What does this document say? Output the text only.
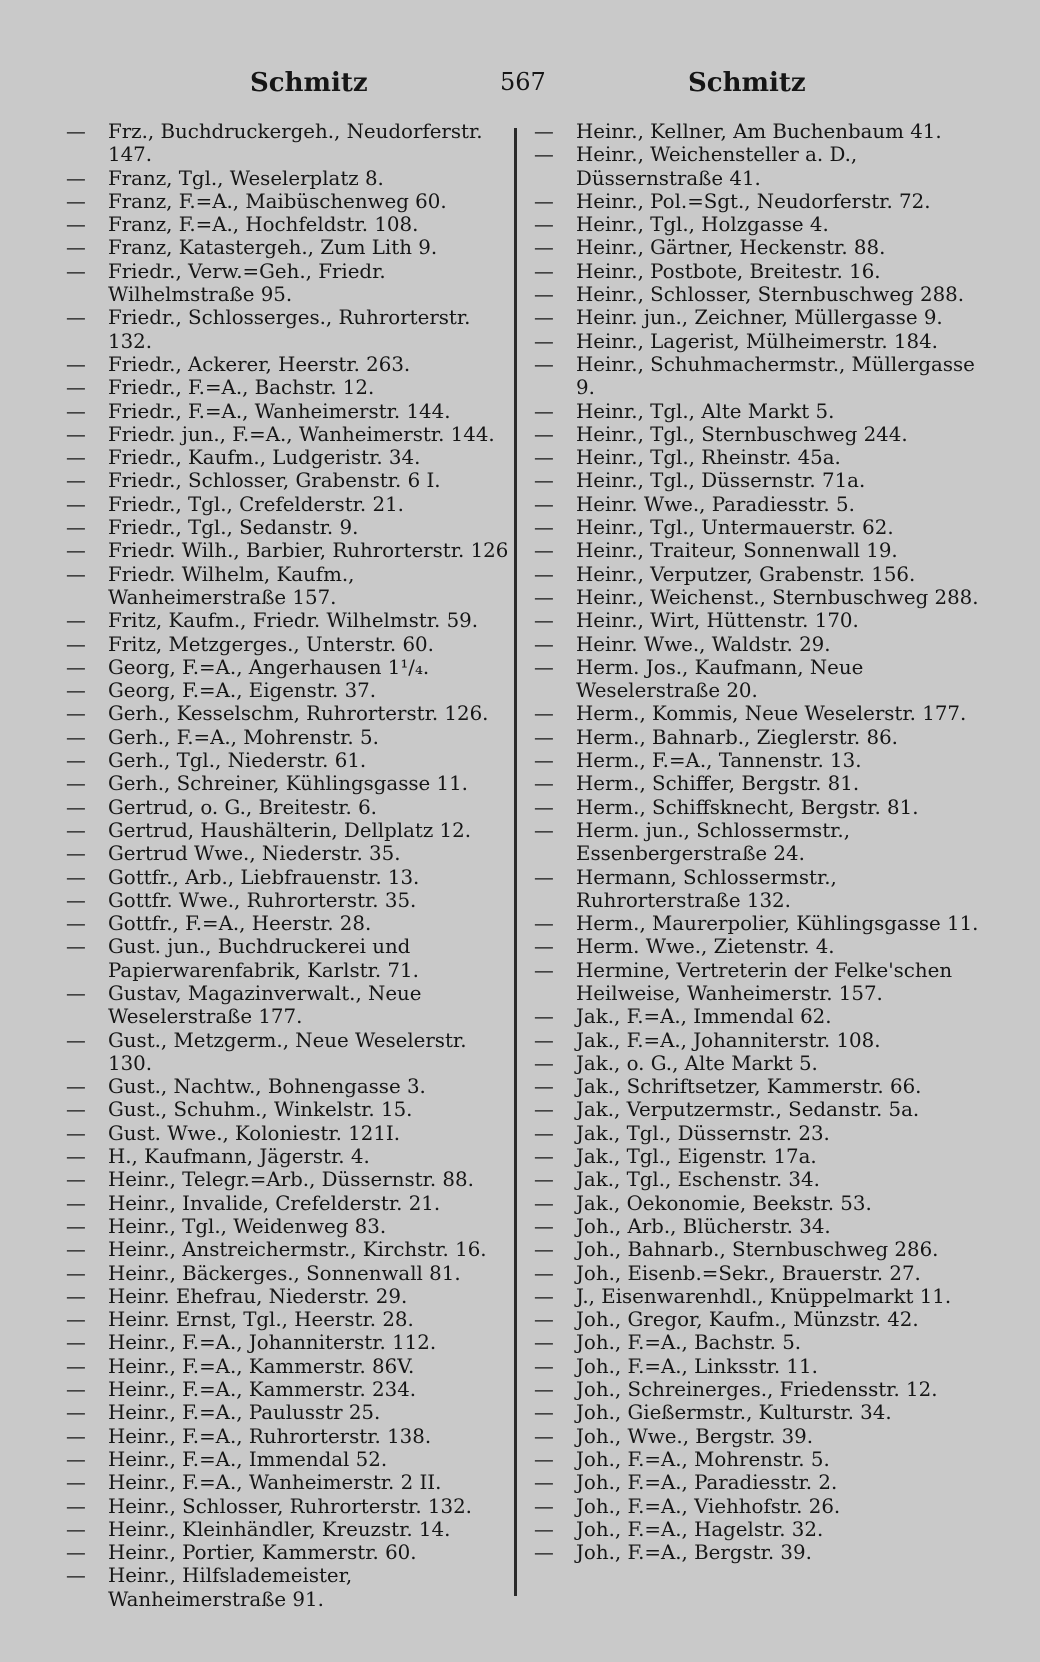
Schmitz	567	Schmitz
— Frz., Buchdruckergeh., Neudorferstr. 147.
— Franz, Tgl., Weselerplatz 8.
— Franz, F.=A., Maibüschenweg 60.
— Franz, F.=A., Hochfeldstr. 108.
— Franz, Katastergeh., Zum Lith 9.
— Friedr., Verw.=Geh., Friedr. Wilhelmstraße 95.
— Friedr., Schlosserges., Ruhrorterstr. 132.
— Friedr., Ackerer, Heerstr. 263.
— Friedr., F.=A., Bachstr. 12.
— Friedr., F.=A., Wanheimerstr. 144.
— Friedr. jun., F.=A., Wanheimerstr. 144.
— Friedr., Kaufm., Ludgeristr. 34.
— Friedr., Schlosser, Grabenstr. 6 I.
— Friedr., Tgl., Crefelderstr. 21.
— Friedr., Tgl., Sedanstr. 9.
— Friedr. Wilh., Barbier, Ruhrorterstr. 126
— Friedr. Wilhelm, Kaufm., Wanheimerstraße 157.
— Fritz, Kaufm., Friedr. Wilhelmstr. 59.
— Fritz, Metzgerges., Unterstr. 60.
— Georg, F.=A., Angerhausen 1¹/₄.
— Georg, F.=A., Eigenstr. 37.
— Gerh., Kesselschm, Ruhrorterstr. 126.
— Gerh., F.=A., Mohrenstr. 5.
— Gerh., Tgl., Niederstr. 61.
— Gerh., Schreiner, Kühlingsgasse 11.
— Gertrud, o. G., Breitestr. 6.
— Gertrud, Haushälterin, Dellplatz 12.
— Gertrud Wwe., Niederstr. 35.
— Gottfr., Arb., Liebfrauenstr. 13.
— Gottfr. Wwe., Ruhrorterstr. 35.
— Gottfr., F.=A., Heerstr. 28.
— Gust. jun., Buchdruckerei und Papierwarenfabrik, Karlstr. 71.
— Gustav, Magazinverwalt., Neue Weselerstraße 177.
— Gust., Metzgerm., Neue Weselerstr. 130.
— Gust., Nachtw., Bohnengasse 3.
— Gust., Schuhm., Winkelstr. 15.
— Gust. Wwe., Koloniestr. 121I.
— H., Kaufmann, Jägerstr. 4.
— Heinr., Telegr.=Arb., Düssernstr. 88.
— Heinr., Invalide, Crefelderstr. 21.
— Heinr., Tgl., Weidenweg 83.
— Heinr., Anstreichermstr., Kirchstr. 16.
— Heinr., Bäckerges., Sonnenwall 81.
— Heinr. Ehefrau, Niederstr. 29.
— Heinr. Ernst, Tgl., Heerstr. 28.
— Heinr., F.=A., Johanniterstr. 112.
— Heinr., F.=A., Kammerstr. 86V.
— Heinr., F.=A., Kammerstr. 234.
— Heinr., F.=A., Paulusstr 25.
— Heinr., F.=A., Ruhrorterstr. 138.
— Heinr., F.=A., Immendal 52.
— Heinr., F.=A., Wanheimerstr. 2 II.
— Heinr., Schlosser, Ruhrorterstr. 132.
— Heinr., Kleinhändler, Kreuzstr. 14.
— Heinr., Portier, Kammerstr. 60.
— Heinr., Hilfslademeister, Wanheimerstraße 91.
— Heinr., Kellner, Am Buchenbaum 41.
— Heinr., Weichensteller a. D., Düssernstraße 41.
— Heinr., Pol.=Sgt., Neudorferstr. 72.
— Heinr., Tgl., Holzgasse 4.
— Heinr., Gärtner, Heckenstr. 88.
— Heinr., Postbote, Breitestr. 16.
— Heinr., Schlosser, Sternbuschweg 288.
— Heinr. jun., Zeichner, Müllergasse 9.
— Heinr., Lagerist, Mülheimerstr. 184.
— Heinr., Schuhmachermstr., Müllergasse 9.
— Heinr., Tgl., Alte Markt 5.
— Heinr., Tgl., Sternbuschweg 244.
— Heinr., Tgl., Rheinstr. 45a.
— Heinr., Tgl., Düssernstr. 71a.
— Heinr. Wwe., Paradiesstr. 5.
— Heinr., Tgl., Untermauerstr. 62.
— Heinr., Traiteur, Sonnenwall 19.
— Heinr., Verputzer, Grabenstr. 156.
— Heinr., Weichenst., Sternbuschweg 288.
— Heinr., Wirt, Hüttenstr. 170.
— Heinr. Wwe., Waldstr. 29.
— Herm. Jos., Kaufmann, Neue Weselerstraße 20.
— Herm., Kommis, Neue Weselerstr. 177.
— Herm., Bahnarb., Zieglerstr. 86.
— Herm., F.=A., Tannenstr. 13.
— Herm., Schiffer, Bergstr. 81.
— Herm., Schiffsknecht, Bergstr. 81.
— Herm. jun., Schlossermstr., Essenbergerstraße 24.
— Hermann, Schlossermstr., Ruhrorterstraße 132.
— Herm., Maurerpolier, Kühlingsgasse 11.
— Herm. Wwe., Zietenstr. 4.
— Hermine, Vertreterin der Felke'schen Heilweise, Wanheimerstr. 157.
— Jak., F.=A., Immendal 62.
— Jak., F.=A., Johanniterstr. 108.
— Jak., o. G., Alte Markt 5.
— Jak., Schriftsetzer, Kammerstr. 66.
— Jak., Verputzermstr., Sedanstr. 5a.
— Jak., Tgl., Düssernstr. 23.
— Jak., Tgl., Eigenstr. 17a.
— Jak., Tgl., Eschenstr. 34.
— Jak., Oekonomie, Beekstr. 53.
— Joh., Arb., Blücherstr. 34.
— Joh., Bahnarb., Sternbuschweg 286.
— Joh., Eisenb.=Sekr., Brauerstr. 27.
— J., Eisenwarenhdl., Knüppelmarkt 11.
— Joh., Gregor, Kaufm., Münzstr. 42.
— Joh., F.=A., Bachstr. 5.
— Joh., F.=A., Linksstr. 11.
— Joh., Schreinerges., Friedensstr. 12.
— Joh., Gießermstr., Kulturstr. 34.
— Joh., Wwe., Bergstr. 39.
— Joh., F.=A., Mohrenstr. 5.
— Joh., F.=A., Paradiesstr. 2.
— Joh., F.=A., Viehhofstr. 26.
— Joh., F.=A., Hagelstr. 32.
— Joh., F.=A., Bergstr. 39.
